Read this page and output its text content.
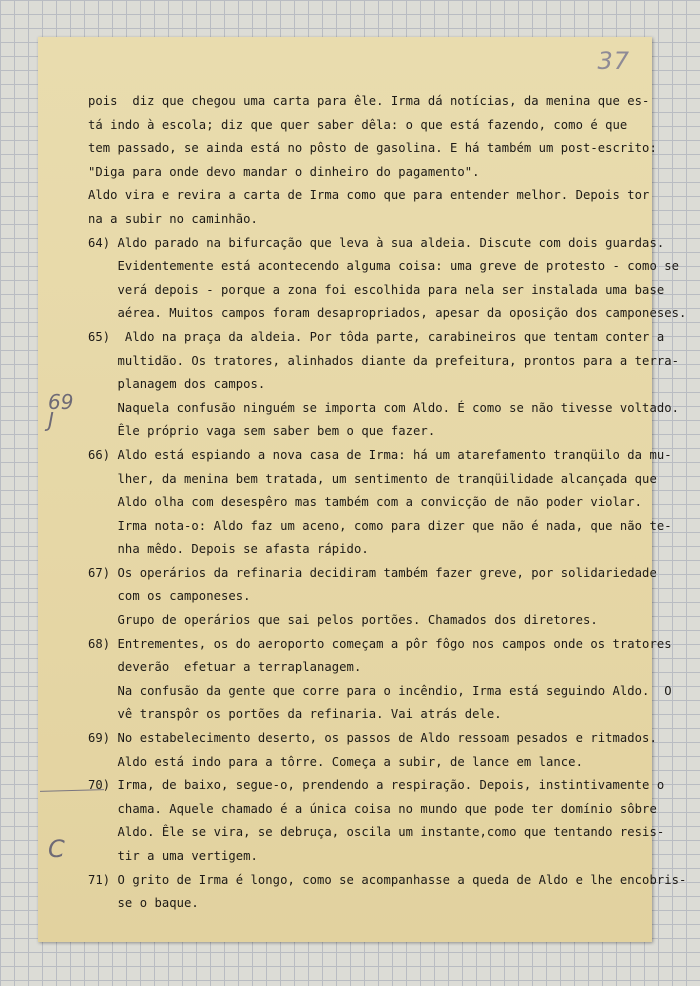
37
pois  diz que chegou uma carta para êle. Irma dá notícias, da menina que es-
tá indo à escola; diz que quer saber dêla: o que está fazendo, como é que
tem passado, se ainda está no pôsto de gasolina. E há também um post-escrito:
"Diga para onde devo mandar o dinheiro do pagamento".
Aldo vira e revira a carta de Irma como que para entender melhor. Depois tor
na a subir no caminhão.
64) Aldo parado na bifurcação que leva à sua aldeia. Discute com dois guardas.
Evidentemente está acontecendo alguma coisa: uma greve de protesto - como se
verá depois - porque a zona foi escolhida para nela ser instalada uma base
aérea. Muitos campos foram desapropriados, apesar da oposição dos camponeses.
65)  Aldo na praça da aldeia. Por tôda parte, carabineiros que tentam conter a
multidão. Os tratores, alinhados diante da prefeitura, prontos para a terra-
planagem dos campos.
Naquela confusão ninguém se importa com Aldo. É como se não tivesse voltado.
Êle próprio vaga sem saber bem o que fazer.
66) Aldo está espiando a nova casa de Irma: há um atarefamento tranqüilo da mu-
lher, da menina bem tratada, um sentimento de tranqüilidade alcançada que
Aldo olha com desespêro mas também com a convicção de não poder violar.
Irma nota-o: Aldo faz um aceno, como para dizer que não é nada, que não te-
nha mêdo. Depois se afasta rápido.
67) Os operários da refinaria decidiram também fazer greve, por solidariedade
com os camponeses.
Grupo de operários que sai pelos portões. Chamados dos diretores.
68) Entrementes, os do aeroporto começam a pôr fôgo nos campos onde os tratores
deverão  efetuar a terraplanagem.
Na confusão da gente que corre para o incêndio, Irma está seguindo Aldo.  O
vê transpôr os portões da refinaria. Vai atrás dele.
69) No estabelecimento deserto, os passos de Aldo ressoam pesados e ritmados.
Aldo está indo para a tôrre. Começa a subir, de lance em lance.
70) Irma, de baixo, segue-o, prendendo a respiração. Depois, instintivamente o
chama. Aquele chamado é a única coisa no mundo que pode ter domínio sôbre
Aldo. Êle se vira, se debruça, oscila um instante,como que tentando resis-
tir a uma vertigem.
71) O grito de Irma é longo, como se acompanhasse a queda de Aldo e lhe encobris-
se o baque.
69
J
C
